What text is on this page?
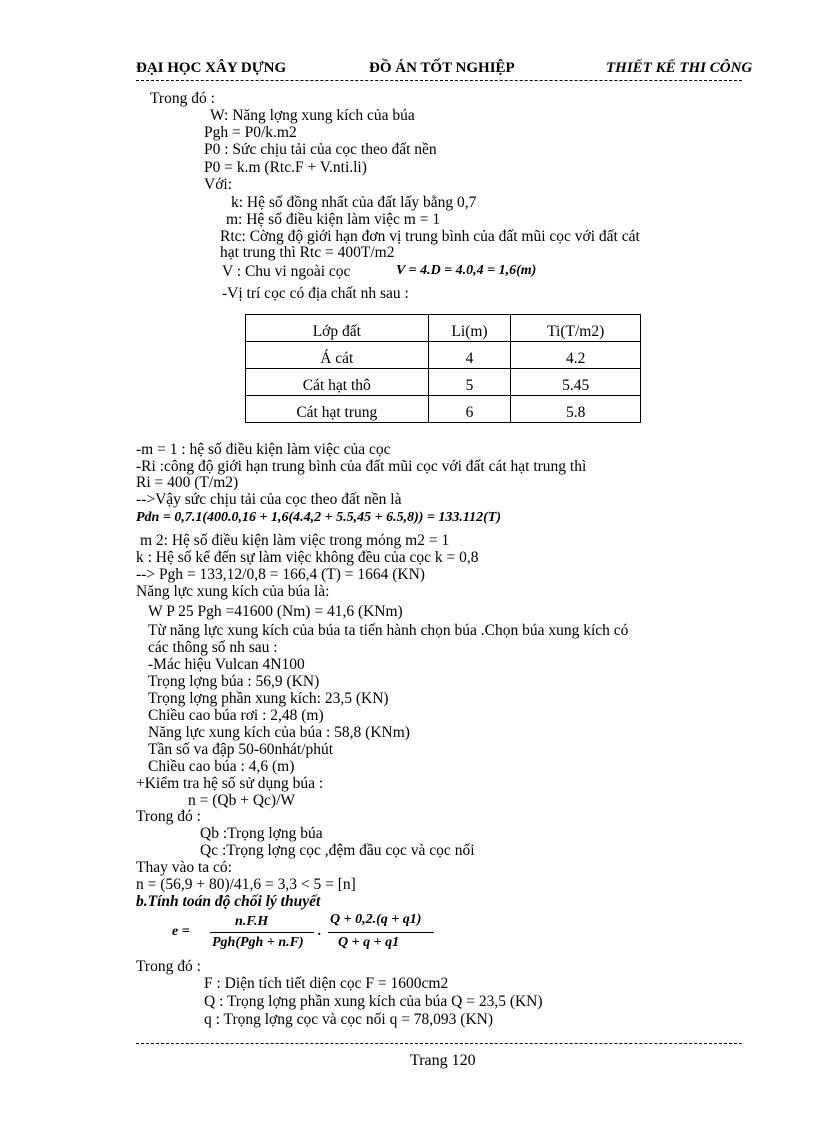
ĐẠI HỌC XÂY DỰNG	ĐỒ ÁN TỐT NGHIỆP	THIẾT KẾ THI CÔNG
Trong đó :
W: Năng lợng xung kích của búa
Pgh = P0/k.m2
P0 : Sức chịu tải của cọc theo đất nền
P0 = k.m (Rtc.F + V.nti.li)
Với:
k: Hệ số đồng nhất của đất lấy bằng 0,7
m: Hệ số điều kiện làm việc m = 1
Rtc: Cờng độ giới hạn đơn vị trung bình của đất mũi cọc với đất cát
hạt trung thì Rtc = 400T/m2
V : Chu vi ngoài cọc	V = 4.D = 4.0,4 = 1,6(m)
-Vị trí cọc có địa chất nh sau :
Lớp đất	Li(m)	Ti(T/m2)
Á cát	4	4.2
Cát hạt thô	5	5.45
Cát hạt trung	6	5.8
-m = 1 : hệ số điều kiện làm việc của cọc
-Ri :công độ giới hạn trung bình của đất mũi cọc với đất cát hạt trung thì
Ri = 400 (T/m2)
-->Vậy sức chịu tải của cọc theo đất nền là
Pdn = 0,7.1(400.0,16 + 1,6(4.4,2 + 5.5,45 + 6.5,8)) = 133.112(T)
m 2: Hệ số điều kiện làm việc trong móng m2 = 1
k : Hệ số kể đến sự làm việc không đều của cọc k = 0,8
--> Pgh = 133,12/0,8 = 166,4 (T) = 1664 (KN)
Năng lực xung kích của búa là:
W P 25 Pgh =41600 (Nm) = 41,6 (KNm)
Từ năng lực xung kích của búa ta tiến hành chọn búa .Chọn búa xung kích có
các thông số nh sau :
-Mác hiệu Vulcan 4N100
Trọng lợng búa : 56,9 (KN)
Trọng lợng phần xung kích: 23,5 (KN)
Chiều cao búa rơi : 2,48 (m)
Năng lực xung kích của búa : 58,8 (KNm)
Tần số va đập 50-60nhát/phút
Chiều cao búa : 4,6 (m)
+Kiểm tra hệ số sử dụng búa :
n = (Qb + Qc)/W
Trong đó :
Qb :Trọng lợng búa
Qc :Trọng lợng cọc ,đệm đầu cọc và cọc nối
Thay vào ta có:
n = (56,9 + 80)/41,6 = 3,3 < 5 = [n]
b.Tính toán độ chối lý thuyết
e =
n.F.H
Pgh(Pgh + n.F)
.
Q + 0,2.(q + q1)
Q + q + q1
Trong đó :
F : Diện tích tiết diện cọc F = 1600cm2
Q : Trọng lợng phần xung kích của búa Q = 23,5 (KN)
q : Trọng lợng cọc và cọc nối q = 78,093 (KN)
Trang 120
